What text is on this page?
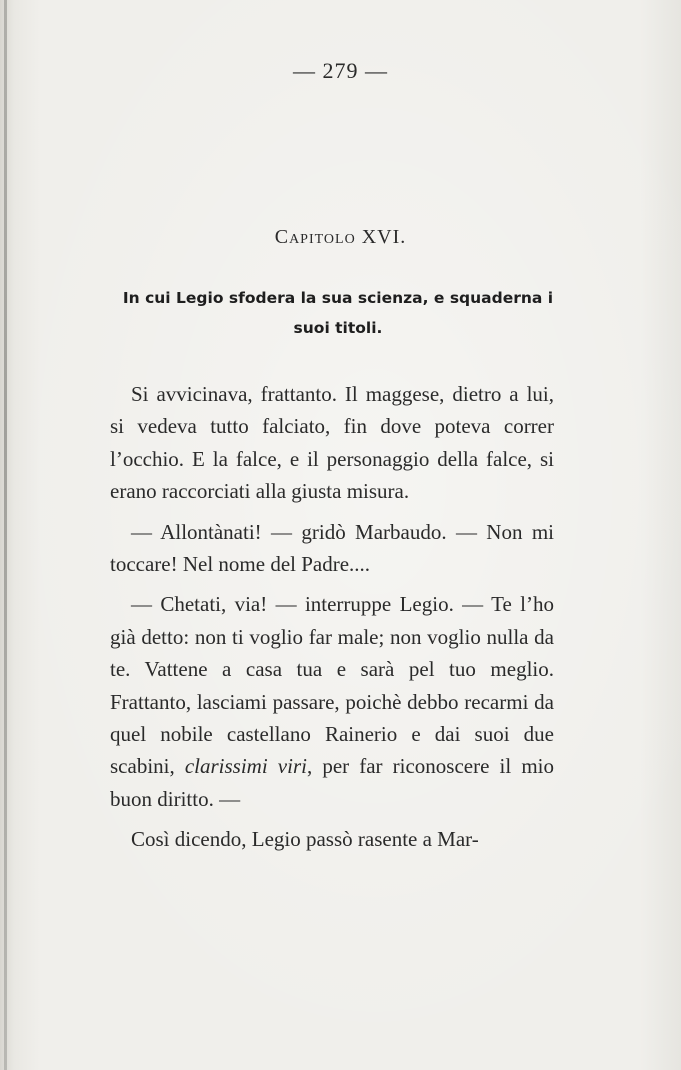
— 279 —
Capitolo XVI.
In cui Legio sfodera la sua scienza, e squaderna i suoi titoli.

Si avvicinava, frattanto. Il maggese, dietro a lui, si vedeva tutto falciato, fin dove poteva correr l’occhio. E la falce, e il personaggio della falce, si erano raccorciati alla giusta misura.

— Allontànati! — gridò Marbaudo. — Non mi toccare! Nel nome del Padre....

— Chetati, via! — interruppe Legio. — Te l’ho già detto: non ti voglio far male; non voglio nulla da te. Vattene a casa tua e sarà pel tuo meglio. Frattanto, lasciami passare, poichè debbo recarmi da quel nobile castellano Rainerio e dai suoi due scabini, clarissimi viri, per far riconoscere il mio buon diritto. —

Così dicendo, Legio passò rasente a Mar-
